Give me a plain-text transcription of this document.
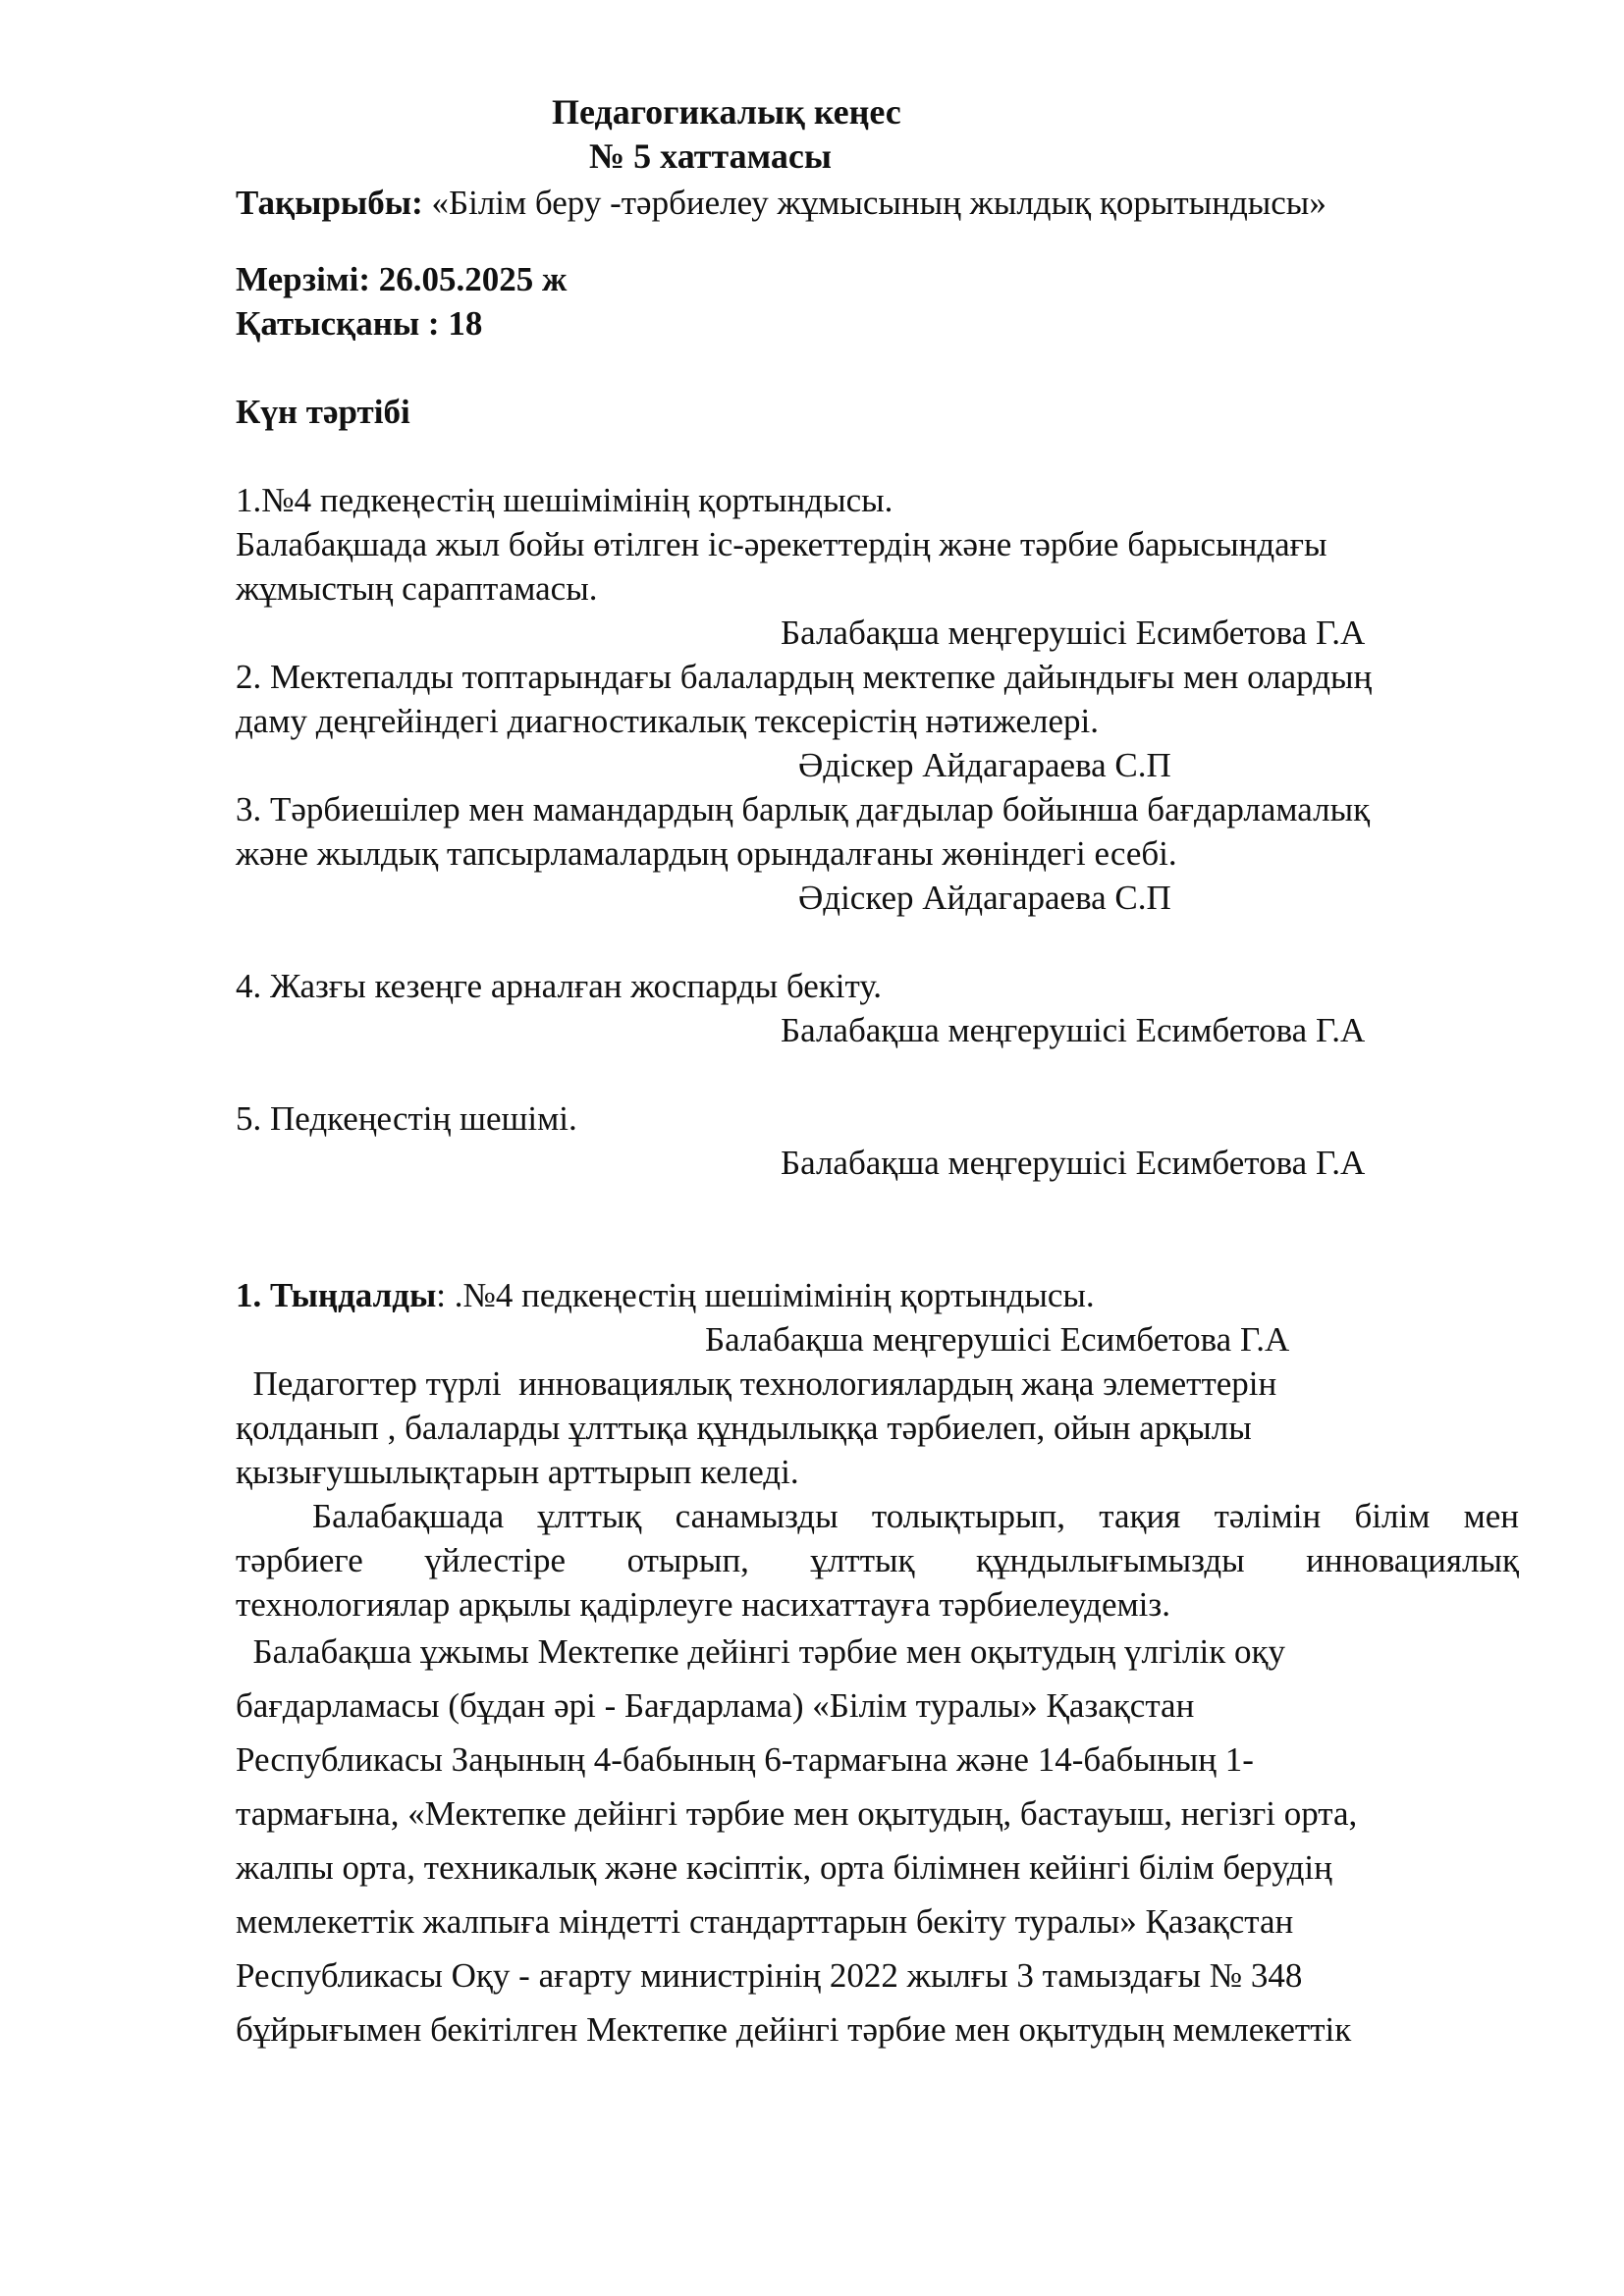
Педагогикалық кеңес
№ 5 хаттамасы
Тақырыбы: «Білім беру -тәрбиелеу жұмысының жылдық қорытындысы»
Мерзімі: 26.05.2025 ж
Қатысқаны : 18
Күн тәртібі
1.№4 педкеңестің шешімімінің қортындысы.
Балабақшада жыл бойы өтілген іс-әрекеттердің және тәрбие барысындағы
жұмыстың сараптамасы.
Балабақша меңгерушісі Есимбетова Г.А
2. Мектепалды топтарындағы балалардың мектепке дайындығы мен олардың
даму деңгейіндегі диагностикалық тексерістің нәтижелері.
Әдіскер Айдагараева С.П
3. Тәрбиешілер мен мамандардың барлық дағдылар бойынша бағдарламалық
және жылдық тапсырламалардың орындалғаны жөніндегі есебі.
Әдіскер Айдагараева С.П
4. Жазғы кезеңге арналған жоспарды бекіту.
Балабақша меңгерушісі Есимбетова Г.А
5. Педкеңестің шешімі.
Балабақша меңгерушісі Есимбетова Г.А
1. Тыңдалды: .№4 педкеңестің шешімімінің қортындысы.
Балабақша меңгерушісі Есимбетова Г.А
Педагогтер түрлі  инновациялық технологиялардың жаңа элеметтерін
қолданып , балаларды ұлттықа құндылыққа тәрбиелеп, ойын арқылы
қызығушылықтарын арттырып келеді.
Балабақшада ұлттық санамызды толықтырып, тақия тәлімін білім мен
тәрбиеге үйлестіре отырып, ұлттық құндылығымызды инновациялық
технологиялар арқылы қадірлеуге насихаттауға тәрбиелеудеміз.
Балабақша ұжымы Мектепке дейінгі тәрбие мен оқытудың үлгілік оқу
бағдарламасы (бұдан әрі - Бағдарлама) «Білім туралы» Қазақстан
Республикасы Заңының 4-бабының 6-тармағына және 14-бабының 1-
тармағына, «Мектепке дейінгі тәрбие мен оқытудың, бастауыш, негізгі орта,
жалпы орта, техникалық және кәсіптік, орта білімнен кейінгі білім берудің
мемлекеттік жалпыға міндетті стандарттарын бекіту туралы» Қазақстан
Республикасы Оқу - ағарту министрінің 2022 жылғы 3 тамыздағы № 348
бұйрығымен бекітілген Мектепке дейінгі тәрбие мен оқытудың мемлекеттік
